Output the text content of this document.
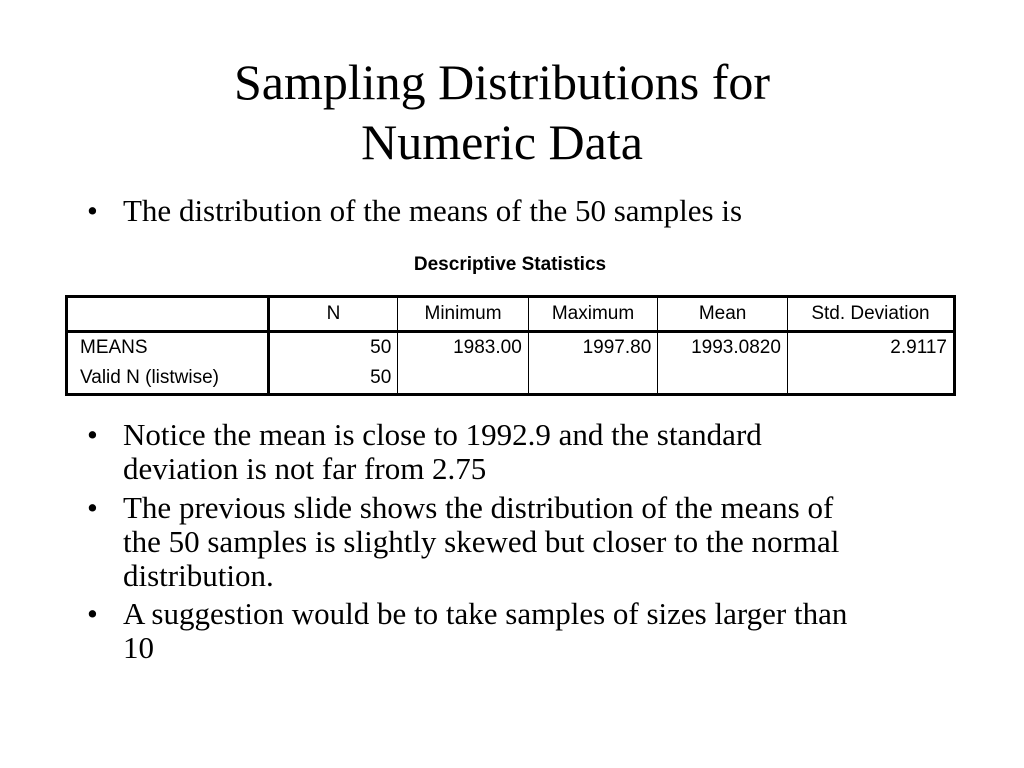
Sampling Distributions for
Numeric Data
• The distribution of the means of the 50 samples is
Descriptive Statistics
	N	Minimum	Maximum	Mean	Std. Deviation
MEANS	50	1983.00	1997.80	1993.0820	2.9117
Valid N (listwise)	50				
• Notice the mean is close to 1992.9 and the standard
deviation is not far from 2.75
• The previous slide shows the distribution of the means of
the 50 samples is slightly skewed but closer to the normal
distribution.
• A suggestion would be to take samples of sizes larger than
10
